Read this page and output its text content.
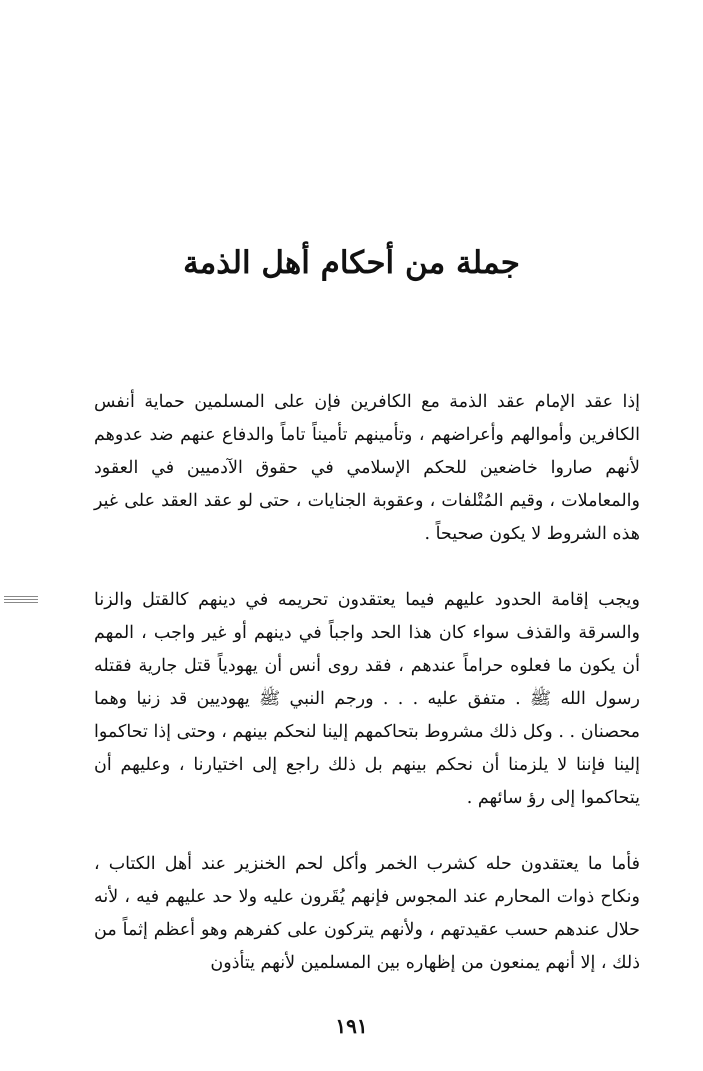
جملة من أحكام أهل الذمة

إذا عقد الإمام عقد الذمة مع الكافرين فإن على المسلمين حماية أنفس الكافرين وأموالهم وأعراضهم ، وتأمينهم تأميناً تاماً والدفاع عنهم ضد عدوهم لأنهم صاروا خاضعين للحكم الإسلامي في حقوق الآدميين في العقود والمعاملات ، وقيم المُتْلفات ، وعقوبة الجنايات ، حتى لو عقد العقد على غير هذه الشروط لا يكون صحيحاً .

ويجب إقامة الحدود عليهم فيما يعتقدون تحريمه في دينهم كالقتل والزنا والسرقة والقذف سواء كان هذا الحد واجباً في دينهم أو غير واجب ، المهم أن يكون ما فعلوه حراماً عندهم ، فقد روى أنس أن يهودياً قتل جارية فقتله رسول الله ﷺ . متفق عليه . . . ورجم النبي ﷺ يهوديين قد زنيا وهما محصنان . . وكل ذلك مشروط بتحاكمهم إلينا لنحكم بينهم ، وحتى إذا تحاكموا إلينا فإننا لا يلزمنا أن نحكم بينهم بل ذلك راجع إلى اختيارنا ، وعليهم أن يتحاكموا إلى رؤ سائهم .

فأما ما يعتقدون حله كشرب الخمر وأكل لحم الخنزير عند أهل الكتاب ، ونكاح ذوات المحارم عند المجوس فإنهم يُقَرون عليه ولا حد عليهم فيه ، لأنه حلال عندهم حسب عقيدتهم ، ولأنهم يتركون على كفرهم وهو أعظم إثماً من ذلك ، إلا أنهم يمنعون من إظهاره بين المسلمين لأنهم يتأذون

١٩١
